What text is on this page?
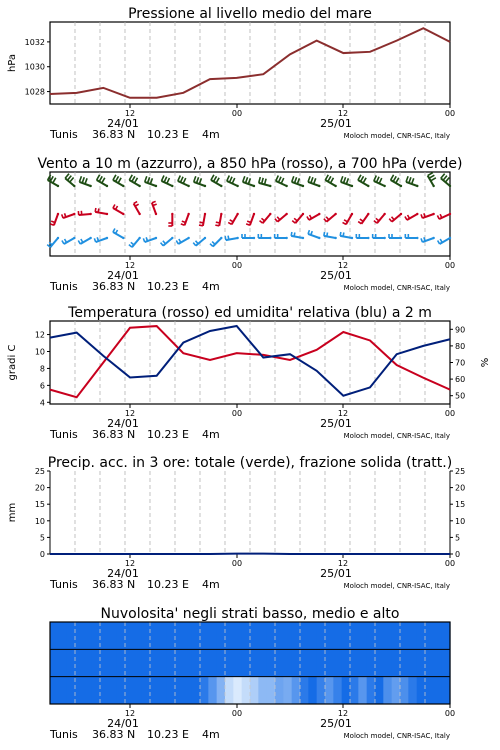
Pressione al livello medio del mare
12	00	12	00
24/01	25/01
Tunis 36.83 N 10.23 E 4m	Moloch model, CNR-ISAC, Italy
1028
1030
1032
hPa
Vento a 10 m (azzurro), a 850 hPa (rosso), a 700 hPa (verde)
12	00	12	00
24/01	25/01
Tunis 36.83 N 10.23 E 4m	Moloch model, CNR-ISAC, Italy
Temperatura (rosso) ed umidita' relativa (blu) a 2 m
12	00	12	00
24/01	25/01
Tunis 36.83 N 10.23 E 4m	Moloch model, CNR-ISAC, Italy
4
6
8
10
12
50
60
70
80
90
gradi C	%
Precip. acc. in 3 ore: totale (verde), frazione solida (tratt.)
12	00	12	00
24/01	25/01
Tunis 36.83 N 10.23 E 4m	Moloch model, CNR-ISAC, Italy
0	0
5	5
10	10
15	15
20	20
25	25
mm
Nuvolosita' negli strati basso, medio e alto
12	00	12	00
24/01	25/01
Tunis 36.83 N 10.23 E 4m	Moloch model, CNR-ISAC, Italy
